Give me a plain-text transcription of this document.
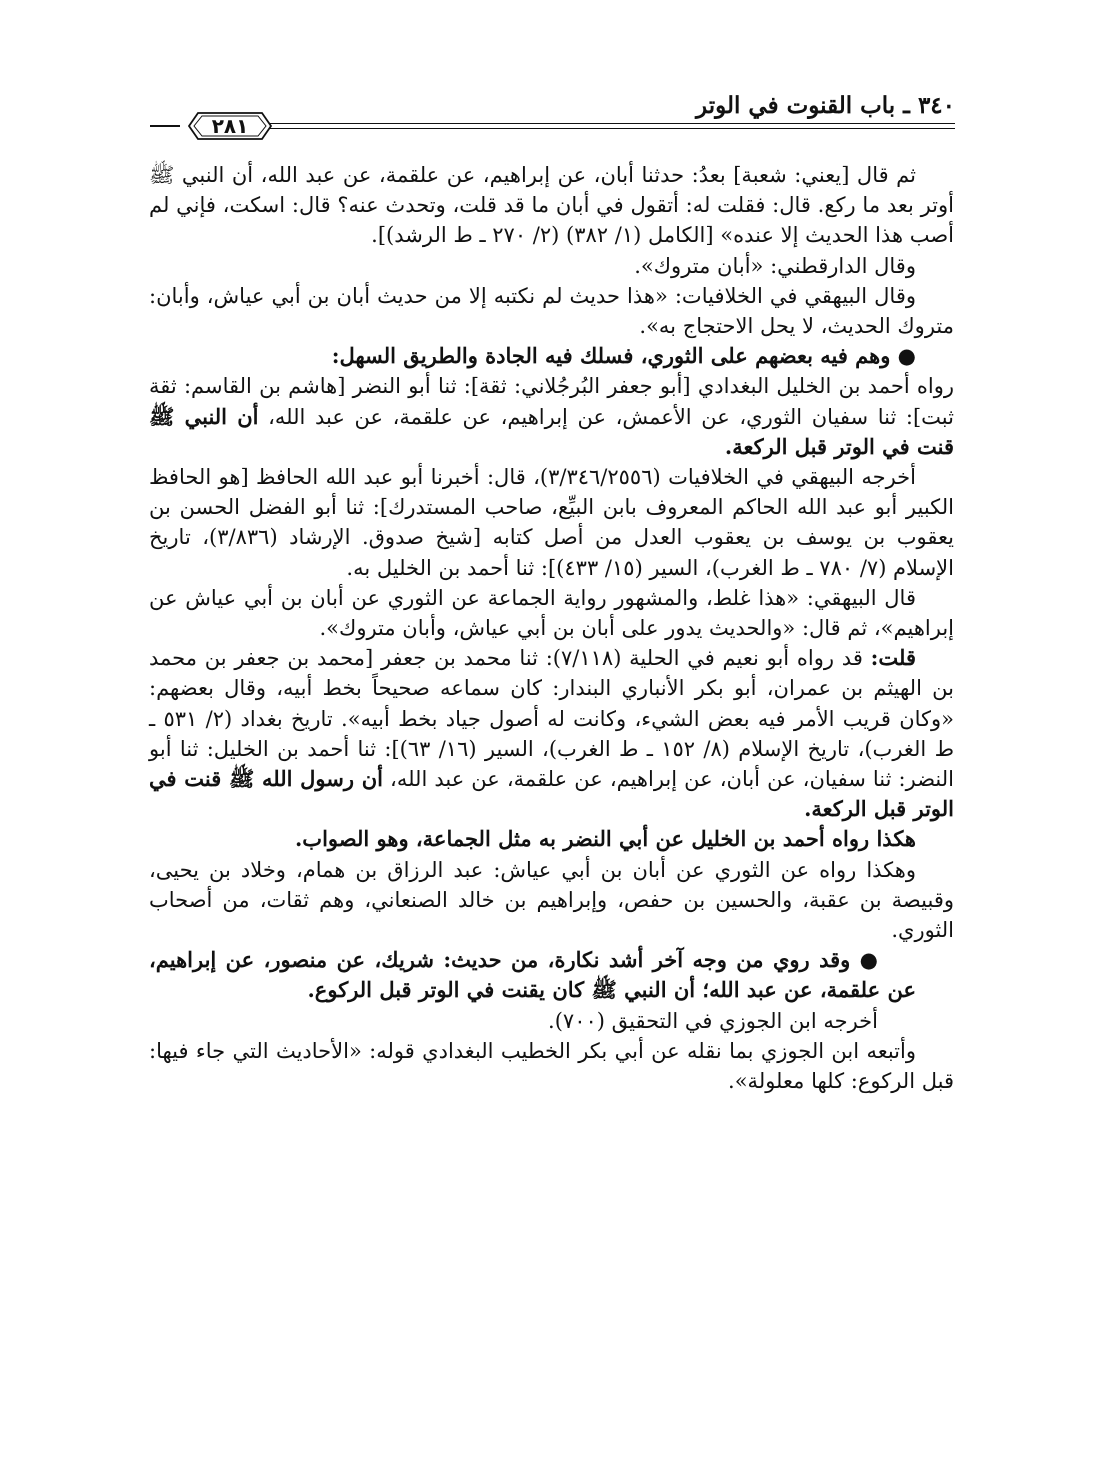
٣٤٠ ـ باب القنوت في الوتر
٢٨١

ثم قال [يعني: شعبة] بعدُ: حدثنا أبان، عن إبراهيم، عن علقمة، عن عبد الله، أن النبي ﷺ أوتر بعد ما ركع. قال: فقلت له: أتقول في أبان ما قد قلت، وتحدث عنه؟ قال: اسكت، فإني لم أصب هذا الحديث إلا عنده» [الكامل (١/ ٣٨٢) (٢/ ٢٧٠ ـ ط الرشد)].

وقال الدارقطني: «أبان متروك».

وقال البيهقي في الخلافيات: «هذا حديث لم نكتبه إلا من حديث أبان بن أبي عياش، وأبان: متروك الحديث، لا يحل الاحتجاج به».

● وهم فيه بعضهم على الثوري، فسلك فيه الجادة والطريق السهل:

رواه أحمد بن الخليل البغدادي [أبو جعفر البُرجُلاني: ثقة]: ثنا أبو النضر [هاشم بن القاسم: ثقة ثبت]: ثنا سفيان الثوري، عن الأعمش، عن إبراهيم، عن علقمة، عن عبد الله، أن النبي ﷺ قنت في الوتر قبل الركعة.

أخرجه البيهقي في الخلافيات (٣/٣٤٦/٢٥٥٦)، قال: أخبرنا أبو عبد الله الحافظ [هو الحافظ الكبير أبو عبد الله الحاكم المعروف بابن البيِّع، صاحب المستدرك]: ثنا أبو الفضل الحسن بن يعقوب بن يوسف بن يعقوب العدل من أصل كتابه [شيخ صدوق. الإرشاد (٣/٨٣٦)، تاريخ الإسلام (٧/ ٧٨٠ ـ ط الغرب)، السير (١٥/ ٤٣٣)]: ثنا أحمد بن الخليل به.

قال البيهقي: «هذا غلط، والمشهور رواية الجماعة عن الثوري عن أبان بن أبي عياش عن إبراهيم»، ثم قال: «والحديث يدور على أبان بن أبي عياش، وأبان متروك».

قلت: قد رواه أبو نعيم في الحلية (٧/١١٨): ثنا محمد بن جعفر [محمد بن جعفر بن محمد بن الهيثم بن عمران، أبو بكر الأنباري البندار: كان سماعه صحيحاً بخط أبيه، وقال بعضهم: «وكان قريب الأمر فيه بعض الشيء، وكانت له أصول جياد بخط أبيه». تاريخ بغداد (٢/ ٥٣١ ـ ط الغرب)، تاريخ الإسلام (٨/ ١٥٢ ـ ط الغرب)، السير (١٦/ ٦٣)]: ثنا أحمد بن الخليل: ثنا أبو النضر: ثنا سفيان، عن أبان، عن إبراهيم، عن علقمة، عن عبد الله، أن رسول الله ﷺ قنت في الوتر قبل الركعة.

هكذا رواه أحمد بن الخليل عن أبي النضر به مثل الجماعة، وهو الصواب.

وهكذا رواه عن الثوري عن أبان بن أبي عياش: عبد الرزاق بن همام، وخلاد بن يحيى، وقبيصة بن عقبة، والحسين بن حفص، وإبراهيم بن خالد الصنعاني، وهم ثقات، من أصحاب الثوري.

● وقد روي من وجه آخر أشد نكارة، من حديث: شريك، عن منصور، عن إبراهيم، عن علقمة، عن عبد الله؛ أن النبي ﷺ كان يقنت في الوتر قبل الركوع.

أخرجه ابن الجوزي في التحقيق (٧٠٠).

وأتبعه ابن الجوزي بما نقله عن أبي بكر الخطيب البغدادي قوله: «الأحاديث التي جاء فيها: قبل الركوع: كلها معلولة».
